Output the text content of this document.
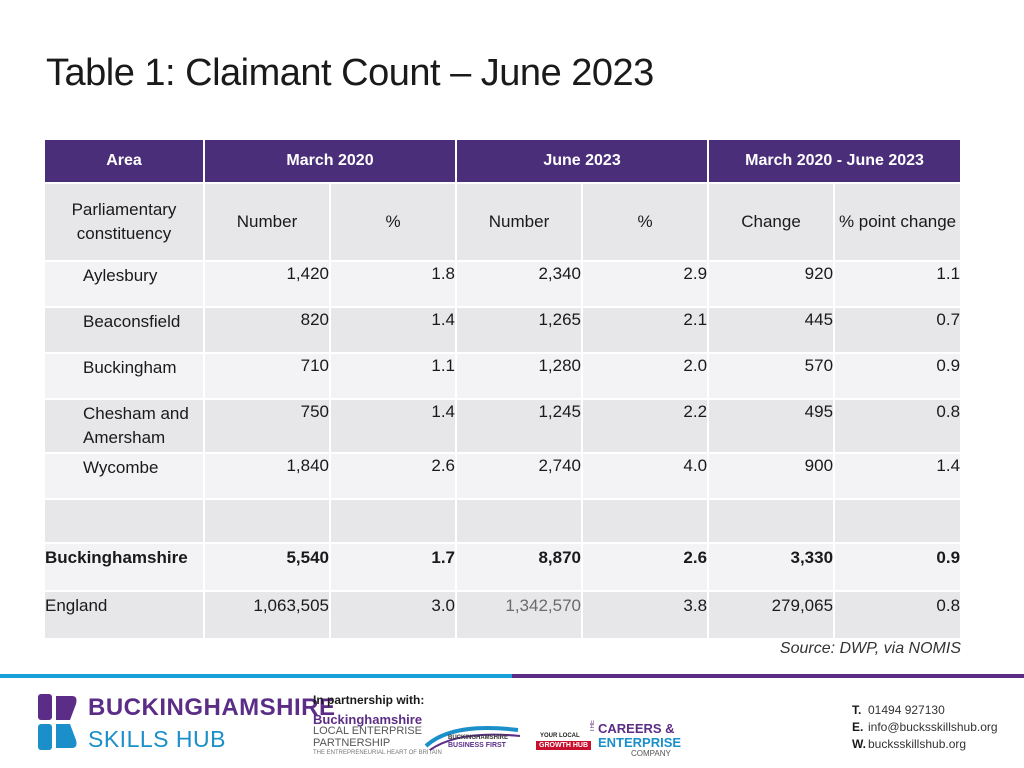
Table 1: Claimant Count – June 2023
Area	March 2020		June 2023		March 2020 - June 2023	
Parliamentary constituency	Number	%	Number	%	Change	% point change
Aylesbury	1,420	1.8	2,340	2.9	920	1.1
Beaconsfield	820	1.4	1,265	2.1	445	0.7
Buckingham	710	1.1	1,280	2.0	570	0.9
Chesham and Amersham	750	1.4	1,245	2.2	495	0.8
Wycombe	1,840	2.6	2,740	4.0	900	1.4

Buckinghamshire	5,540	1.7	8,870	2.6	3,330	0.9
England	1,063,505	3.0	1,342,570	3.8	279,065	0.8
Source: DWP, via NOMIS
BUCKINGHAMSHIRE
SKILLS HUB
In partnership with:
Buckinghamshire
LOCAL ENTERPRISE
PARTNERSHIP
THE ENTREPRENEURIAL HEART OF BRITAIN
BUCKINGHAMSHIRE
BUSINESS FIRST
YOUR LOCAL
GROWTH HUB
THE CAREERS &
ENTERPRISE
COMPANY
T. 01494 927130
E. info@bucksskillshub.org
W. bucksskillshub.org
